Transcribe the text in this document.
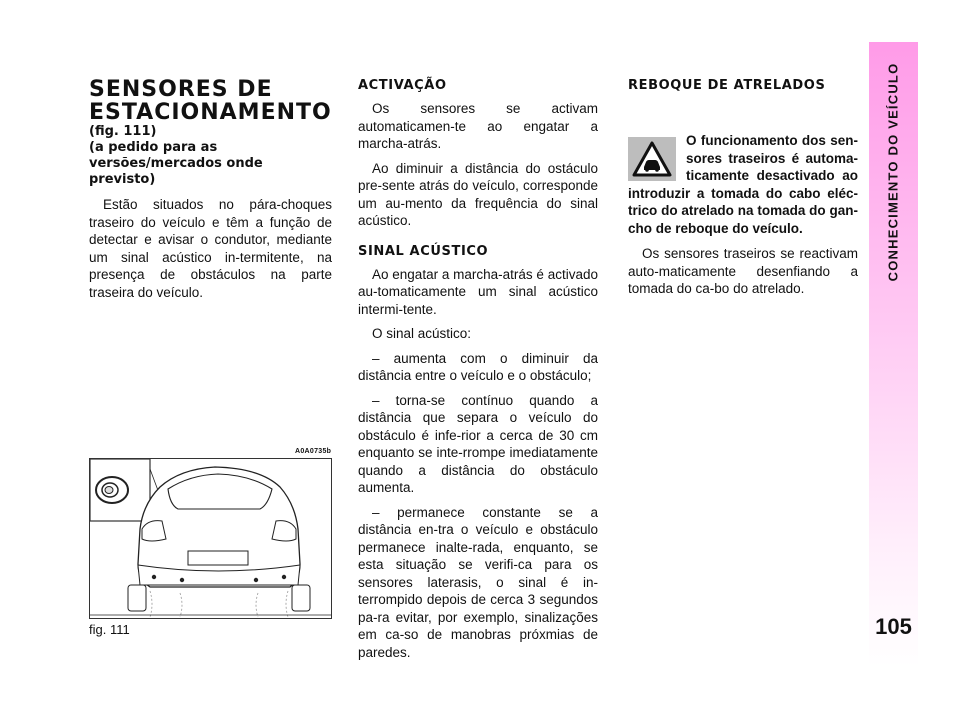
CONHECIMENTO DO VEÍCULO
105
SENSORES DE
ESTACIONAMENTO
(fig. 111)
(a pedido para as
versões/mercados onde previsto)

Estão situados no pára-choques traseiro do veículo e têm a função de detectar e avisar o condutor, mediante um sinal acústico in-termitente, na presença de obstáculos na parte traseira do veículo.

A0A0735b
fig. 111
ACTIVAÇÃO

Os sensores se activam automaticamen-te ao engatar a marcha-atrás.

Ao diminuir a distância do ostáculo pre-sente atrás do veículo, corresponde um au-mento da frequência do sinal acústico.

SINAL ACÚSTICO

Ao engatar a marcha-atrás é activado au-tomaticamente um sinal acústico intermi-tente.

O sinal acústico:

– aumenta com o diminuir da distância entre o veículo e o obstáculo;

– torna-se contínuo quando a distância que separa o veículo do obstáculo é infe-rior a cerca de 30 cm enquanto se inte-rrompe imediatamente quando a distância do obstáculo aumenta.

– permanece constante se a distância en-tra o veículo e obstáculo permanece inalte-rada, enquanto, se esta situação se verifi-ca para os sensores laterasis, o sinal é in-terrompido depois de cerca 3 segundos pa-ra evitar, por exemplo, sinalizações em ca-so de manobras próxmias de paredes.

REBOQUE DE ATRELADOS
O funcionamento dos sen-sores traseiros é automa-ticamente desactivado ao introduzir a tomada do cabo eléc-trico do atrelado na tomada do gan-cho de reboque do veículo.

Os sensores traseiros se reactivam auto-maticamente desenfiando a tomada do ca-bo do atrelado.
